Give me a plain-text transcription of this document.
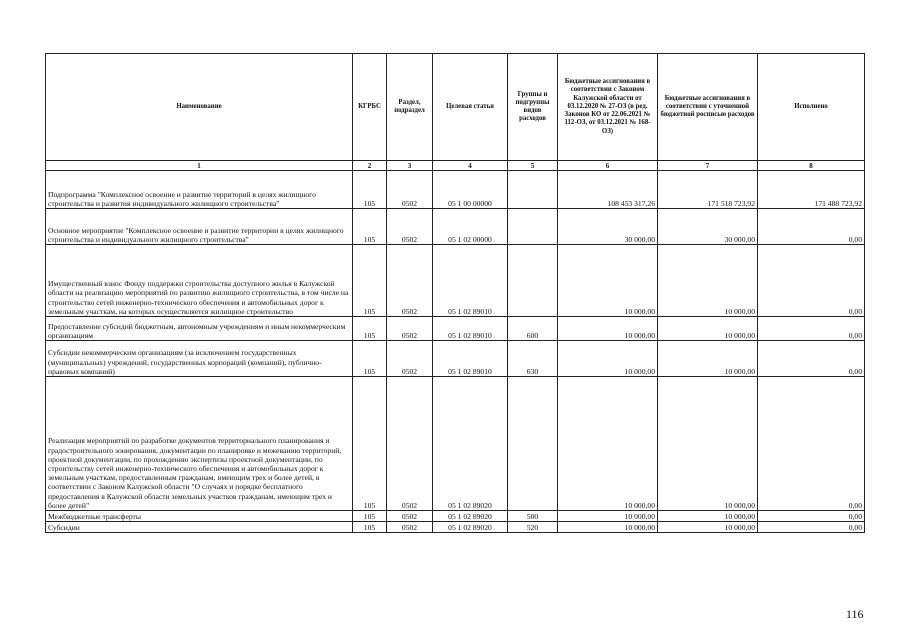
Наименование	КГРБС	Раздел, подраздел	Целевая статья	Группы и подгруппы видов расходов	Бюджетные ассигнования в соответствии с Законом Калужской области от 03.12.2020 № 27-ОЗ (в ред. Законов КО от 22.06.2021 № 112-ОЗ, от 03.12.2021 № 168-ОЗ)	Бюджетные ассигнования в соответствии с уточненной бюджетной росписью расходов	Исполнено
1	2	3	4	5	6	7	8
Подпрограмма "Комплексное освоение и развитие территорий в целях жилищного строительства и развития индивидуального жилищного строительства"	105	0502	05 1 00 00000		108 453 317,26	171 518 723,92	171 488 723,92
Основное мероприятие "Комплексное освоение и развитие территории в целях жилищного строительства и индивидуального жилищного строительства"	105	0502	05 1 02 00000		30 000,00	30 000,00	0,00
Имущественный взнос Фонду поддержки строительства доступного жилья в Калужской области на реализацию мероприятий по развитию жилищного строительства, в том числе на строительство сетей инженерно-технического обеспечения и автомобильных дорог к земельным участкам, на которых осуществляется жилищное строительство	105	0502	05 1 02 89010		10 000,00	10 000,00	0,00
Предоставление субсидий бюджетным, автономным учреждениям и иным некоммерческим организациям	105	0502	05 1 02 89010	600	10 000,00	10 000,00	0,00
Субсидии некоммерческим организациям (за исключением государственных (муниципальных) учреждений, государственных корпораций (компаний), публично-правовых компаний)	105	0502	05 1 02 89010	630	10 000,00	10 000,00	0,00
Реализация мероприятий по разработке документов территориального планирования и градостроительного зонирования, документации по планировке и межеванию территорий, проектной документации, по прохождению экспертизы проектной документации, по строительству сетей инженерно-технического обеспечения и автомобильных дорог к земельным участкам, предоставленным гражданам, имеющим трех и более детей, в соответствии с Законом Калужской области "О случаях и порядке бесплатного предоставления в Калужской области земельных участков гражданам, имеющим трех и более детей"	105	0502	05 1 02 89020		10 000,00	10 000,00	0,00
Межбюджетные трансферты	105	0502	05 1 02 89020	500	10 000,00	10 000,00	0,00
Субсидии	105	0502	05 1 02 89020	520	10 000,00	10 000,00	0,00
116
